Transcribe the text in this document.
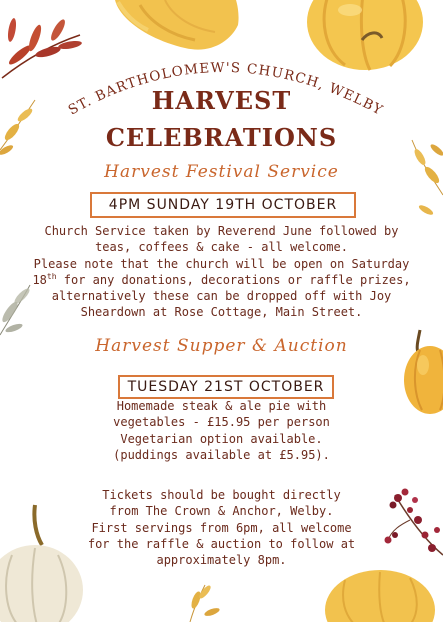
ST. BARTHOLOMEW'S CHURCH, WELBY
HARVEST
CELEBRATIONS
Harvest Festival Service
4PM SUNDAY 19TH OCTOBER
Church Service taken by Reverend June followed by
teas, coffees & cake - all welcome.
Please note that the church will be open on Saturday
18th for any donations, decorations or raffle prizes,
alternatively these can be dropped off with Joy
Sheardown at Rose Cottage, Main Street.
Harvest Supper & Auction
TUESDAY 21ST OCTOBER
Homemade steak & ale pie with
vegetables - £15.95 per person
Vegetarian option available.
(puddings available at £5.95).
Tickets should be bought directly
from The Crown & Anchor, Welby.
First servings from 6pm, all welcome
for the raffle & auction to follow at
approximately 8pm.
